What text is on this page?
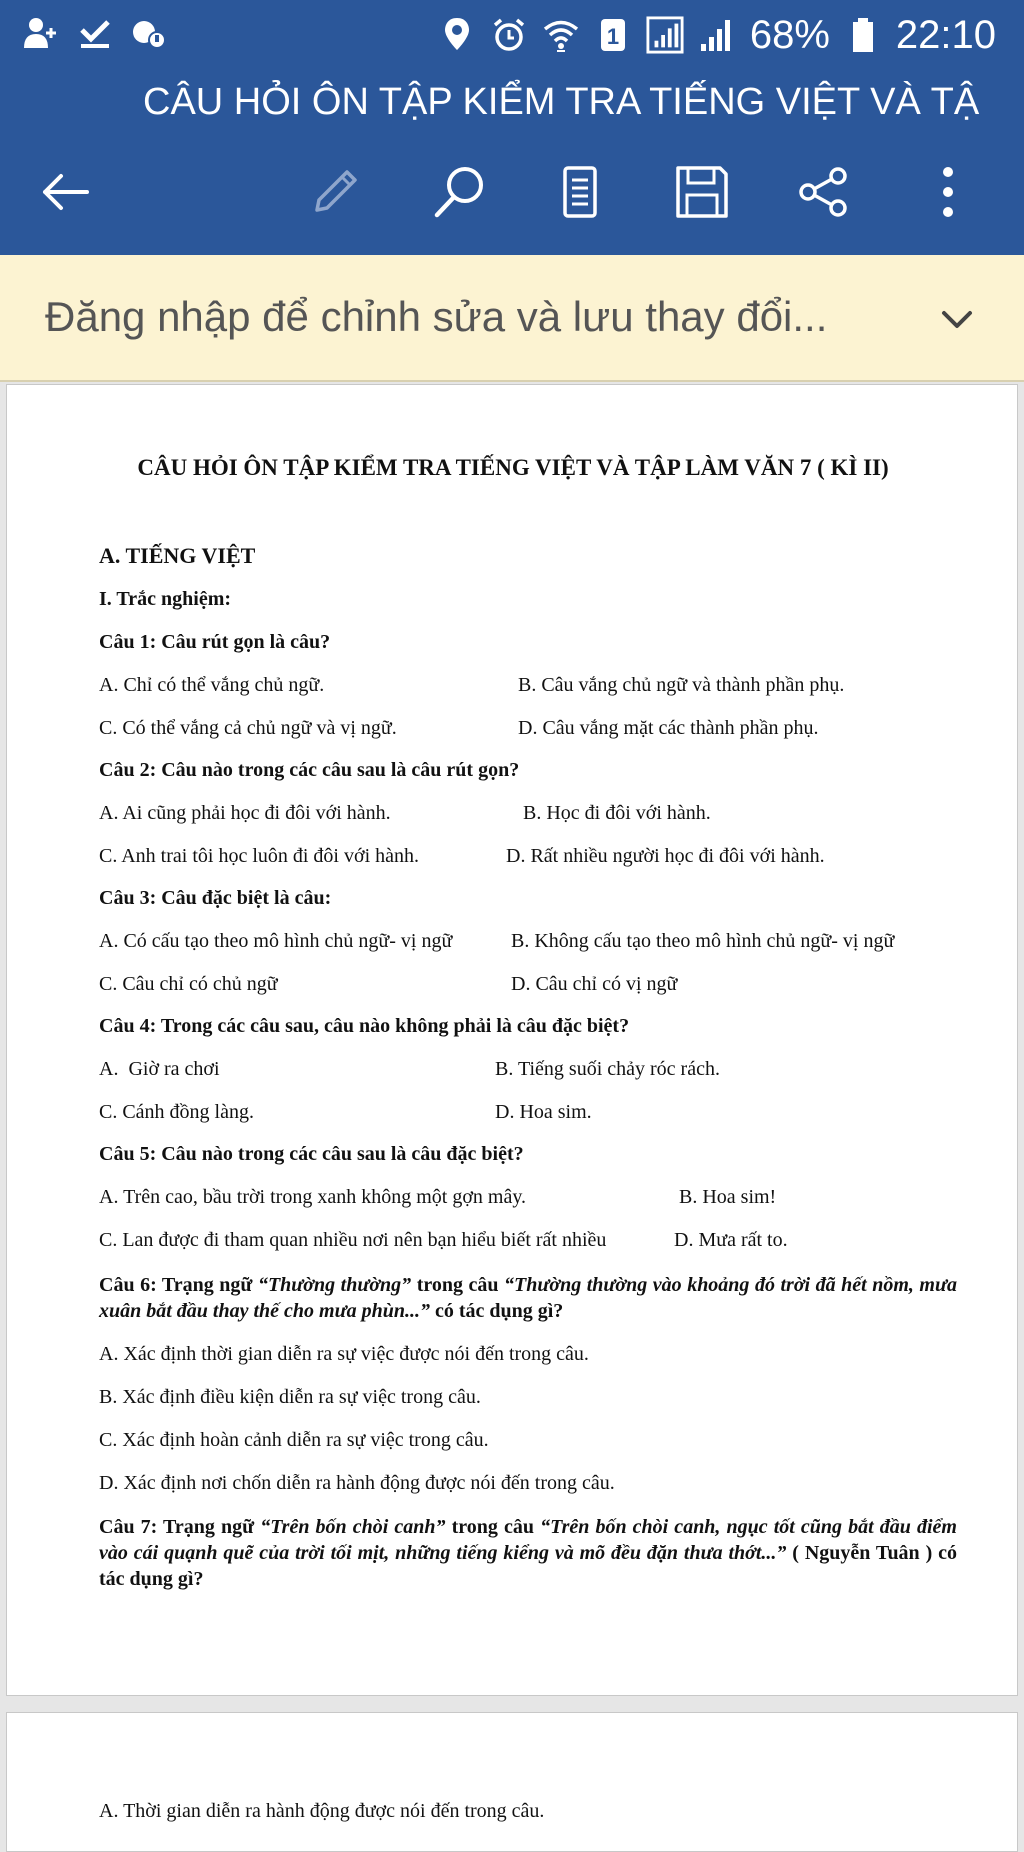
1	68% 22:10
CÂU HỎI ÔN TẬP KIỂM TRA TIẾNG VIỆT VÀ TẬ
Đăng nhập để chỉnh sửa và lưu thay đổi...
CÂU HỎI ÔN TẬP KIỂM TRA TIẾNG VIỆT VÀ TẬP LÀM VĂN 7 ( KÌ II)
A. TIẾNG VIỆT
I. Trắc nghiệm:
Câu 1: Câu rút gọn là câu?
A. Chỉ có thể vắng chủ ngữ.	B. Câu vắng chủ ngữ và thành phần phụ.
C. Có thể vắng cả chủ ngữ và vị ngữ.	D. Câu vắng mặt các thành phần phụ.
Câu 2: Câu nào trong các câu sau là câu rút gọn?
A. Ai cũng phải học đi đôi với hành.	B. Học đi đôi với hành.
C. Anh trai tôi học luôn đi đôi với hành.	D. Rất nhiều người học đi đôi với hành.
Câu 3: Câu đặc biệt là câu:
A. Có cấu tạo theo mô hình chủ ngữ- vị ngữ	B. Không cấu tạo theo mô hình chủ ngữ- vị ngữ
C. Câu chỉ có chủ ngữ	D. Câu chỉ có vị ngữ
Câu 4: Trong các câu sau, câu nào không phải là câu đặc biệt?
A.  Giờ ra chơi	B. Tiếng suối chảy róc rách.
C. Cánh đồng làng.	D. Hoa sim.
Câu 5: Câu nào trong các câu sau là câu đặc biệt?
A. Trên cao, bầu trời trong xanh không một gợn mây.	B. Hoa sim!
C. Lan được đi tham quan nhiều nơi nên bạn hiểu biết rất nhiều	D. Mưa rất to.
Câu 6: Trạng ngữ “Thường thường” trong câu “Thường thường vào khoảng đó trời đã hết nồm, mưa xuân bắt đầu thay thế cho mưa phùn...” có tác dụng gì?
A. Xác định thời gian diễn ra sự việc được nói đến trong câu.
B. Xác định điều kiện diễn ra sự việc trong câu.
C. Xác định hoàn cảnh diễn ra sự việc trong câu.
D. Xác định nơi chốn diễn ra hành động được nói đến trong câu.
Câu 7: Trạng ngữ “Trên bốn chòi canh” trong câu “Trên bốn chòi canh, ngục tốt cũng bắt đầu điểm vào cái quạnh quẽ của trời tối mịt, những tiếng kiểng và mõ đều đặn thưa thớt...” ( Nguyễn Tuân ) có tác dụng gì?
A. Thời gian diễn ra hành động được nói đến trong câu.
